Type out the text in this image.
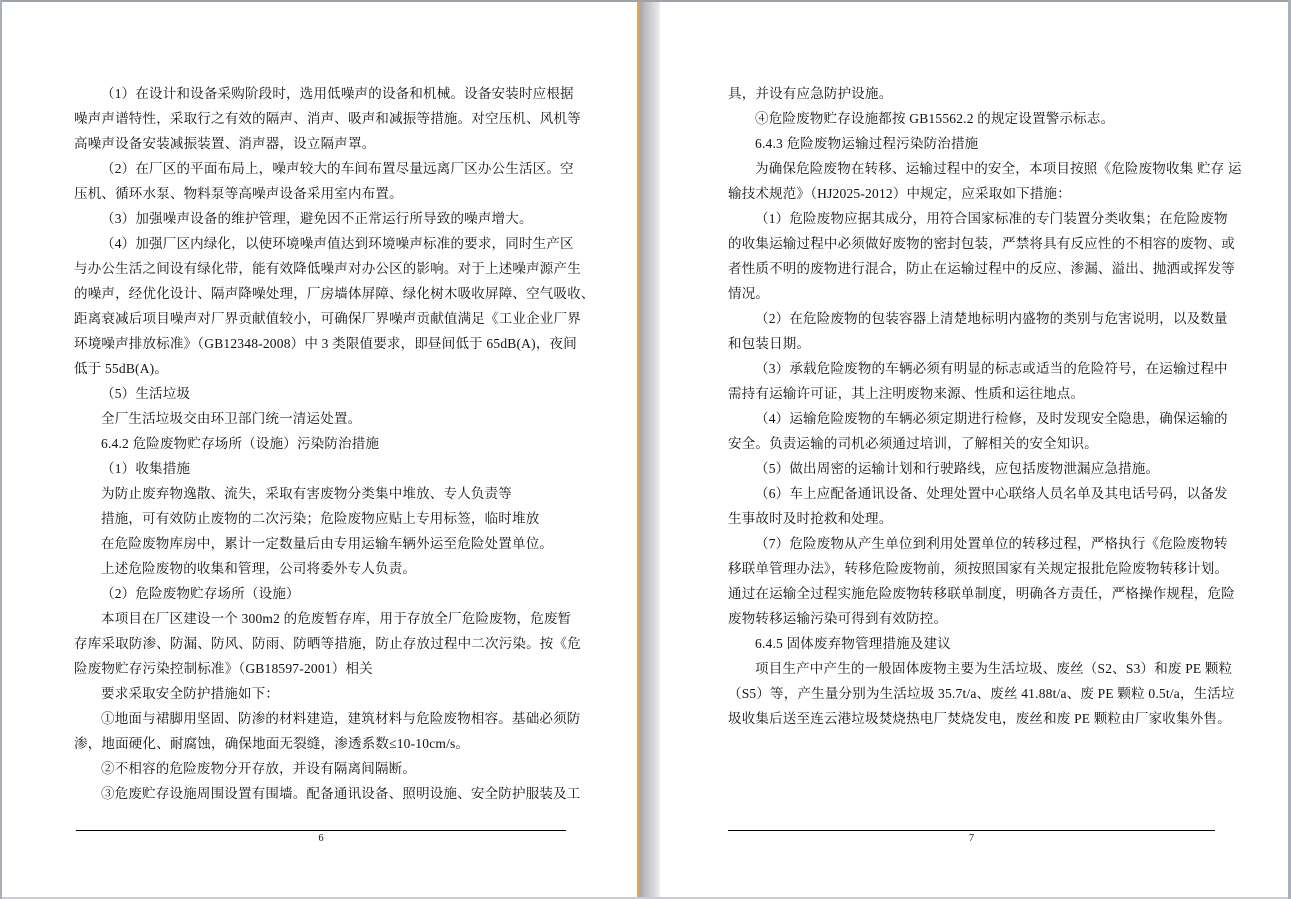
（1）在设计和设备采购阶段时，选用低噪声的设备和机械。设备安装时应根据
噪声声谱特性，采取行之有效的隔声、消声、吸声和减振等措施。对空压机、风机等
高噪声设备安装减振装置、消声器，设立隔声罩。
（2）在厂区的平面布局上，噪声较大的车间布置尽量远离厂区办公生活区。空
压机、循环水泵、物料泵等高噪声设备采用室内布置。
（3）加强噪声设备的维护管理，避免因不正常运行所导致的噪声增大。
（4）加强厂区内绿化，以使环境噪声值达到环境噪声标准的要求，同时生产区
与办公生活之间设有绿化带，能有效降低噪声对办公区的影响。对于上述噪声源产生
的噪声，经优化设计、隔声降噪处理，厂房墙体屏障、绿化树木吸收屏障、空气吸收、
距离衰减后项目噪声对厂界贡献值较小，可确保厂界噪声贡献值满足《工业企业厂界
环境噪声排放标准》（GB12348-2008）中 3 类限值要求，即昼间低于 65dB(A)，夜间
低于 55dB(A)。
（5）生活垃圾
全厂生活垃圾交由环卫部门统一清运处置。
6.4.2 危险废物贮存场所（设施）污染防治措施
（1）收集措施
为防止废弃物逸散、流失，采取有害废物分类集中堆放、专人负责等
措施，可有效防止废物的二次污染；危险废物应贴上专用标签，临时堆放
在危险废物库房中，累计一定数量后由专用运输车辆外运至危险处置单位。
上述危险废物的收集和管理，公司将委外专人负责。
（2）危险废物贮存场所（设施）
本项目在厂区建设一个 300m2 的危废暂存库，用于存放全厂危险废物，危废暂
存库采取防渗、防漏、防风、防雨、防晒等措施，防止存放过程中二次污染。按《危
险废物贮存污染控制标准》（GB18597-2001）相关
要求采取安全防护措施如下：
①地面与裙脚用坚固、防渗的材料建造，建筑材料与危险废物相容。基础必须防
渗，地面硬化、耐腐蚀，确保地面无裂缝，渗透系数≤10-10cm/s。
②不相容的危险废物分开存放，并设有隔离间隔断。
③危废贮存设施周围设置有围墙。配备通讯设备、照明设施、安全防护服装及工
6
具，并设有应急防护设施。
④危险废物贮存设施都按 GB15562.2 的规定设置警示标志。
6.4.3 危险废物运输过程污染防治措施
为确保危险废物在转移、运输过程中的安全，本项目按照《危险废物收集 贮存 运
输技术规范》（HJ2025-2012）中规定，应采取如下措施：
（1）危险废物应据其成分，用符合国家标准的专门装置分类收集；在危险废物
的收集运输过程中必须做好废物的密封包装，严禁将具有反应性的不相容的废物、或
者性质不明的废物进行混合，防止在运输过程中的反应、渗漏、溢出、抛洒或挥发等
情况。
（2）在危险废物的包装容器上清楚地标明内盛物的类别与危害说明，以及数量
和包装日期。
（3）承载危险废物的车辆必须有明显的标志或适当的危险符号，在运输过程中
需持有运输许可证，其上注明废物来源、性质和运往地点。
（4）运输危险废物的车辆必须定期进行检修，及时发现安全隐患，确保运输的
安全。负责运输的司机必须通过培训，了解相关的安全知识。
（5）做出周密的运输计划和行驶路线，应包括废物泄漏应急措施。
（6）车上应配备通讯设备、处理处置中心联络人员名单及其电话号码，以备发
生事故时及时抢救和处理。
（7）危险废物从产生单位到利用处置单位的转移过程，严格执行《危险废物转
移联单管理办法》，转移危险废物前，须按照国家有关规定报批危险废物转移计划。
通过在运输全过程实施危险废物转移联单制度，明确各方责任，严格操作规程，危险
废物转移运输污染可得到有效防控。
6.4.5 固体废弃物管理措施及建议
项目生产中产生的一般固体废物主要为生活垃圾、废丝（S2、S3）和废 PE 颗粒
（S5）等，产生量分别为生活垃圾 35.7t/a、废丝 41.88t/a、废 PE 颗粒 0.5t/a，生活垃
圾收集后送至连云港垃圾焚烧热电厂焚烧发电，废丝和废 PE 颗粒由厂家收集外售。
7
